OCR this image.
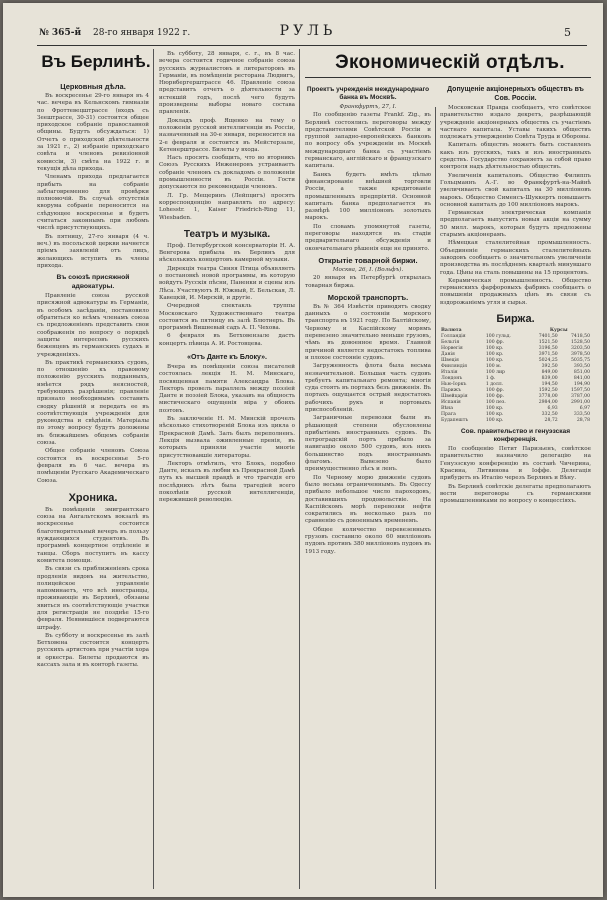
№ 365-й 28-го января 1922 г.	РУЛЬ	5
Въ Берлинѣ.	Экономическій отдѣлъ.
Церковныя дѣла.

Въ воскресенье 29-го января въ 4 час. вечера въ Кельнскомъ гимназіи по Фроттевецштрассе (входъ съ Зеештрассе, 30-31) состоится общее приходское собраніе православной общины. Будутъ обсуждаться: 1) Отчетъ о приходской дѣятельности за 1921 г., 2) избраніе приходскаго совѣта и членовъ ревизіонной комиссіи, 3) смѣта на 1922 г. и текущія дѣла прихода.

Членамъ прихода предлагается прибыть на собраніе заблаговременно для провѣрки полномочій. Въ случаѣ отсутствія кворума собраніе переносится на слѣдующее воскресенье и будетъ считаться законнымъ при любомъ числѣ присутствующихъ.

Въ пятницу, 27-го января (4 ч. веч.) въ посольской церкви начнется пріемъ заявленій отъ лицъ, желающихъ вступить въ члены прихода.

Въ союзѣ присяжной адвокатуры.

Правленіе союза русской присяжной адвокатуры въ Германіи, въ особомъ засѣданіи, постановило обратиться ко всѣмъ членамъ союза съ предложеніемъ представить свои соображенія по вопросу о порядкѣ защиты интересовъ русскихъ беженцевъ въ германскихъ судахъ и учрежденіяхъ.

Въ практикѣ германскихъ судовъ, по отношенію къ правовому положенію русскихъ подданныхъ, имѣется рядъ неясностей, требующихъ разрѣшенія; правленіе признало необходимымъ составить сводку рѣшеній и передать ее въ соотвѣтствующія учрежденія для руководства и свѣдѣнія. Матеріалы по этому вопросу будутъ доложены въ ближайшемъ общемъ собраніи союза.

Общее собраніе членовъ Союза состоится въ воскресенье 5-го февраля въ 6 час. вечера въ помѣщеніи Русскаго Академическаго Союза.

Хроника.

Въ помѣщеніи эмигрантскаго союза на Ангальтскомъ вокзалѣ въ воскресенье состоится благотворительный вечеръ въ пользу нуждающихся студентовъ. Въ программѣ концертное отдѣленіе и танцы. Сборъ поступитъ въ кассу комитета помощи.

Въ связи съ приближеніемъ срока продленія видовъ на жительство, полицейское управленіе напоминаетъ, что всѣ иностранцы, проживающіе въ Берлинѣ, обязаны явиться въ соотвѣтствующіе участки для регистраціи не позднѣе 15-го февраля. Неявившіеся подвергаются штрафу.

Въ субботу и воскресенье въ залѣ Бетховена состоится концертъ русскихъ артистовъ при участіи хора и оркестра. Билеты продаются въ кассахъ зала и въ конторѣ газеты.

Въ субботу, 28 января, с. г., въ 8 час. вечера состоится годичное собраніе союза русскихъ журналистовъ и литераторовъ въ Германіи, въ помѣщеніи ресторана Людвигъ, Нюрнбергерштрассе 46. Правленіе союза представитъ отчетъ о дѣятельности за истекшій годъ, послѣ чего будутъ произведены выборы новаго состава правленія.

Докладъ проф. Ященко на тему о положеніи русской интеллигенціи въ Россіи, назначенный на 30-е января, переносится на 2-е февраля и состоится въ Мейстерзале, Кетенерштрассе. Билеты у входа.

Насъ просятъ сообщить, что во вторникъ Союзъ Русскихъ Инженеровъ устраиваетъ собраніе членовъ съ докладомъ о положеніи промышленности въ Россіи. Гости допускаются по рекомендаціи членовъ.

Л. Гр. Мещеринъ (Лейпцигъ) просятъ корреспонденцію направлять по адресу: Lohesstr. 1, Kaiser Friedrich-Ring 11, Wiesbaden.

Театръ и музыка.

Проф. Петербургской консерваторіи Н. А. Венгерова прибыла въ Берлинъ для нѣсколькихъ концертовъ камерной музыки.

Дирекція театра Синяя Птица объявляетъ о постановкѣ новой программы, въ которую войдутъ Русскія пѣсни, Паненки и сцены изъ Лѣса. Участвуютъ Я. Южный, Е. Бельская, Л. Кавецкій, И. Мирскій, и другіе.

Очередной спектакль труппы Московскаго Художественнаго театра состоится въ пятницу въ залѣ Блютнеръ. Въ программѣ Вишневый садъ А. П. Чехова.

6 февраля въ Бетховензале дастъ концертъ пѣвица А. И. Ростовцева.

«Отъ Данте къ Блоку».

Вчера въ помѣщеніи союза писателей состоялась лекція Н. М. Минскаго, посвященная памяти Александра Блока. Лекторъ провелъ параллель между поэзіей Данте и поэзіей Блока, указавъ на общность мистическаго ощущенія міра у обоихъ поэтовъ.

Въ заключеніе Н. М. Минскій прочелъ нѣсколько стихотвореній Блока изъ цикла о Прекрасной Дамѣ. Залъ былъ переполненъ. Лекція вызвала оживленные пренія, въ которыхъ приняли участіе многіе присутствовавшіе литераторы.

Лекторъ отмѣтилъ, что Блокъ, подобно Данте, искалъ въ любви къ Прекрасной Дамѣ путь къ высшей правдѣ и что трагедія его послѣднихъ лѣтъ была трагедіей всего поколѣнія русской интеллигенціи, пережившей революцію.

Проектъ учрежденія международнаго банка въ Москвѣ.
Франкфуртъ, 27, I.

По сообщенію газеты Frankf. Zig., въ Берлинѣ состоялись переговоры между представителями Совѣтской Россіи и группой западно-европейскихъ банковъ по вопросу объ учрежденіи въ Москвѣ международнаго банка съ участіемъ германскаго, англійскаго и французскаго капитала.

Банкъ будетъ имѣть цѣлью финансированіе внѣшней торговли Россіи, а также кредитованіе промышленныхъ предпріятій. Основной капиталъ банка предполагается въ размѣрѣ 100 милліоновъ золотыхъ марокъ.

По словамъ упомянутой газеты, переговоры находятся въ стадіи предварительнаго обсужденія и окончательнаго рѣшенія еще не принято.

Открытіе товарной биржи.
Москва, 26, I. (Вольфъ).

20 января въ Петербургѣ открылась товарная биржа.

Морской транспортъ.

Въ № 364 Извѣстія приводятъ сводку данныхъ о состояніи морского транспорта въ 1921 году. По Балтійскому, Черному и Каспійскому морямъ перевезено значительно меньше грузовъ, чѣмъ въ довоенное время. Главной причиной является недостатокъ топлива и плохое состояніе судовъ.

Загруженность флота была весьма незначительной. Большая часть судовъ требуетъ капитальнаго ремонта; многія суда стоятъ въ портахъ безъ движенія. Въ портахъ ощущается острый недостатокъ рабочихъ рукъ и портовыхъ приспособленій.

Заграничные перевозки были въ рѣшающей степени обусловлены прибытіемъ иностранныхъ судовъ. Въ петроградскій портъ прибыло за навигацію около 500 судовъ, изъ нихъ большинство подъ иностраннымъ флагомъ. Вывезено было преимущественно лѣсъ и ленъ.

По Черному морю движеніе судовъ было весьма ограниченнымъ. Въ Одессу прибыло небольшое число пароходовъ, доставившихъ продовольствіе. На Каспійскомъ морѣ перевозки нефти сократились въ несколько разъ по сравненію съ довоеннымъ временемъ.

Общее количество перевезенныхъ грузовъ составило около 60 милліоновъ пудовъ противъ 380 милліоновъ пудовъ въ 1913 году.

Допущеніе акціонерныхъ обществъ въ Сов. Россіи.

Московская Правда сообщаетъ, что совѣтское правительство издало декретъ, разрѣшающій учрежденіе акціонерныхъ обществъ съ участіемъ частнаго капитала. Уставы такихъ обществъ подлежатъ утвержденію Совѣта Труда и Обороны.

Капиталъ обществъ можетъ быть составленъ какъ изъ русскихъ, такъ и изъ иностранныхъ средствъ. Государство сохраняетъ за собой право контроля надъ дѣятельностью обществъ.

Увеличенія капиталовъ. Общество Филиппъ Гольцманнъ А.-Г. во Франкфуртѣ-на-Майнѣ увеличиваетъ свой капиталъ на 30 милліоновъ марокъ. Общество Сименсъ-Шуккертъ повышаетъ основной капиталъ до 100 милліоновъ марокъ.

Германская электрическая компанія предполагаетъ выпустить новыя акціи на сумму 50 милл. марокъ, которыя будутъ предложены старымъ акціонерамъ.

Нѣмецкая сталелитейная промышленность. Объединеніе германскихъ сталелитейныхъ заводовъ сообщаетъ о значительномъ увеличеніи производства въ послѣднемъ кварталѣ минувшаго года. Цѣны на сталь повышены на 15 процентовъ.

Керамическая промышленность. Общество германскихъ фарфоровыхъ фабрикъ сообщаетъ о повышеніи продажныхъ цѣнъ въ связи съ вздорожаніемъ угля и сырья.

Биржа.
Валюта		Курсы	
Голландія	100 гульд.	7401,50	7418,50
Бельгія	100 фр.	1521,50	1528,50
Норвегія	100 кр.	3196,50	3203,50
Данія	100 кр.	3971,50	3978,50
Швеція	100 кр.	5024,25	5035,75
Финляндія	100 м.	392,50	393,50
Италія	100 лир	849,00	851,00
Лондонъ	1 ф.	839,00	841,00
Нью-Іоркъ	1 долл.	194,50	194,90
Парижъ	100 фр.	1592,50	1597,50
Швейцарія	100 фр.	3778,00	3787,00
Испанія	100 пез.	2984,00	2991,00
Вѣна	100 кр.	6,93	6,97
Прага	100 кр.	332,50	333,50
Будапештъ	100 кр.	28,72	28,78
Сов. правительство и генуэзская конференція.

По сообщенію Петит Паризьенъ, совѣтское правительство назначило делегацію на Генуэзскую конференцію въ составѣ Чичерина, Красина, Литвинова и Іоффе. Делегація прибудетъ въ Италію черезъ Берлинъ и Вѣну.

Въ Берлинѣ совѣтскіе делегаты предполагаютъ вести переговоры съ германскими промышленниками по вопросу о концессіяхъ.
